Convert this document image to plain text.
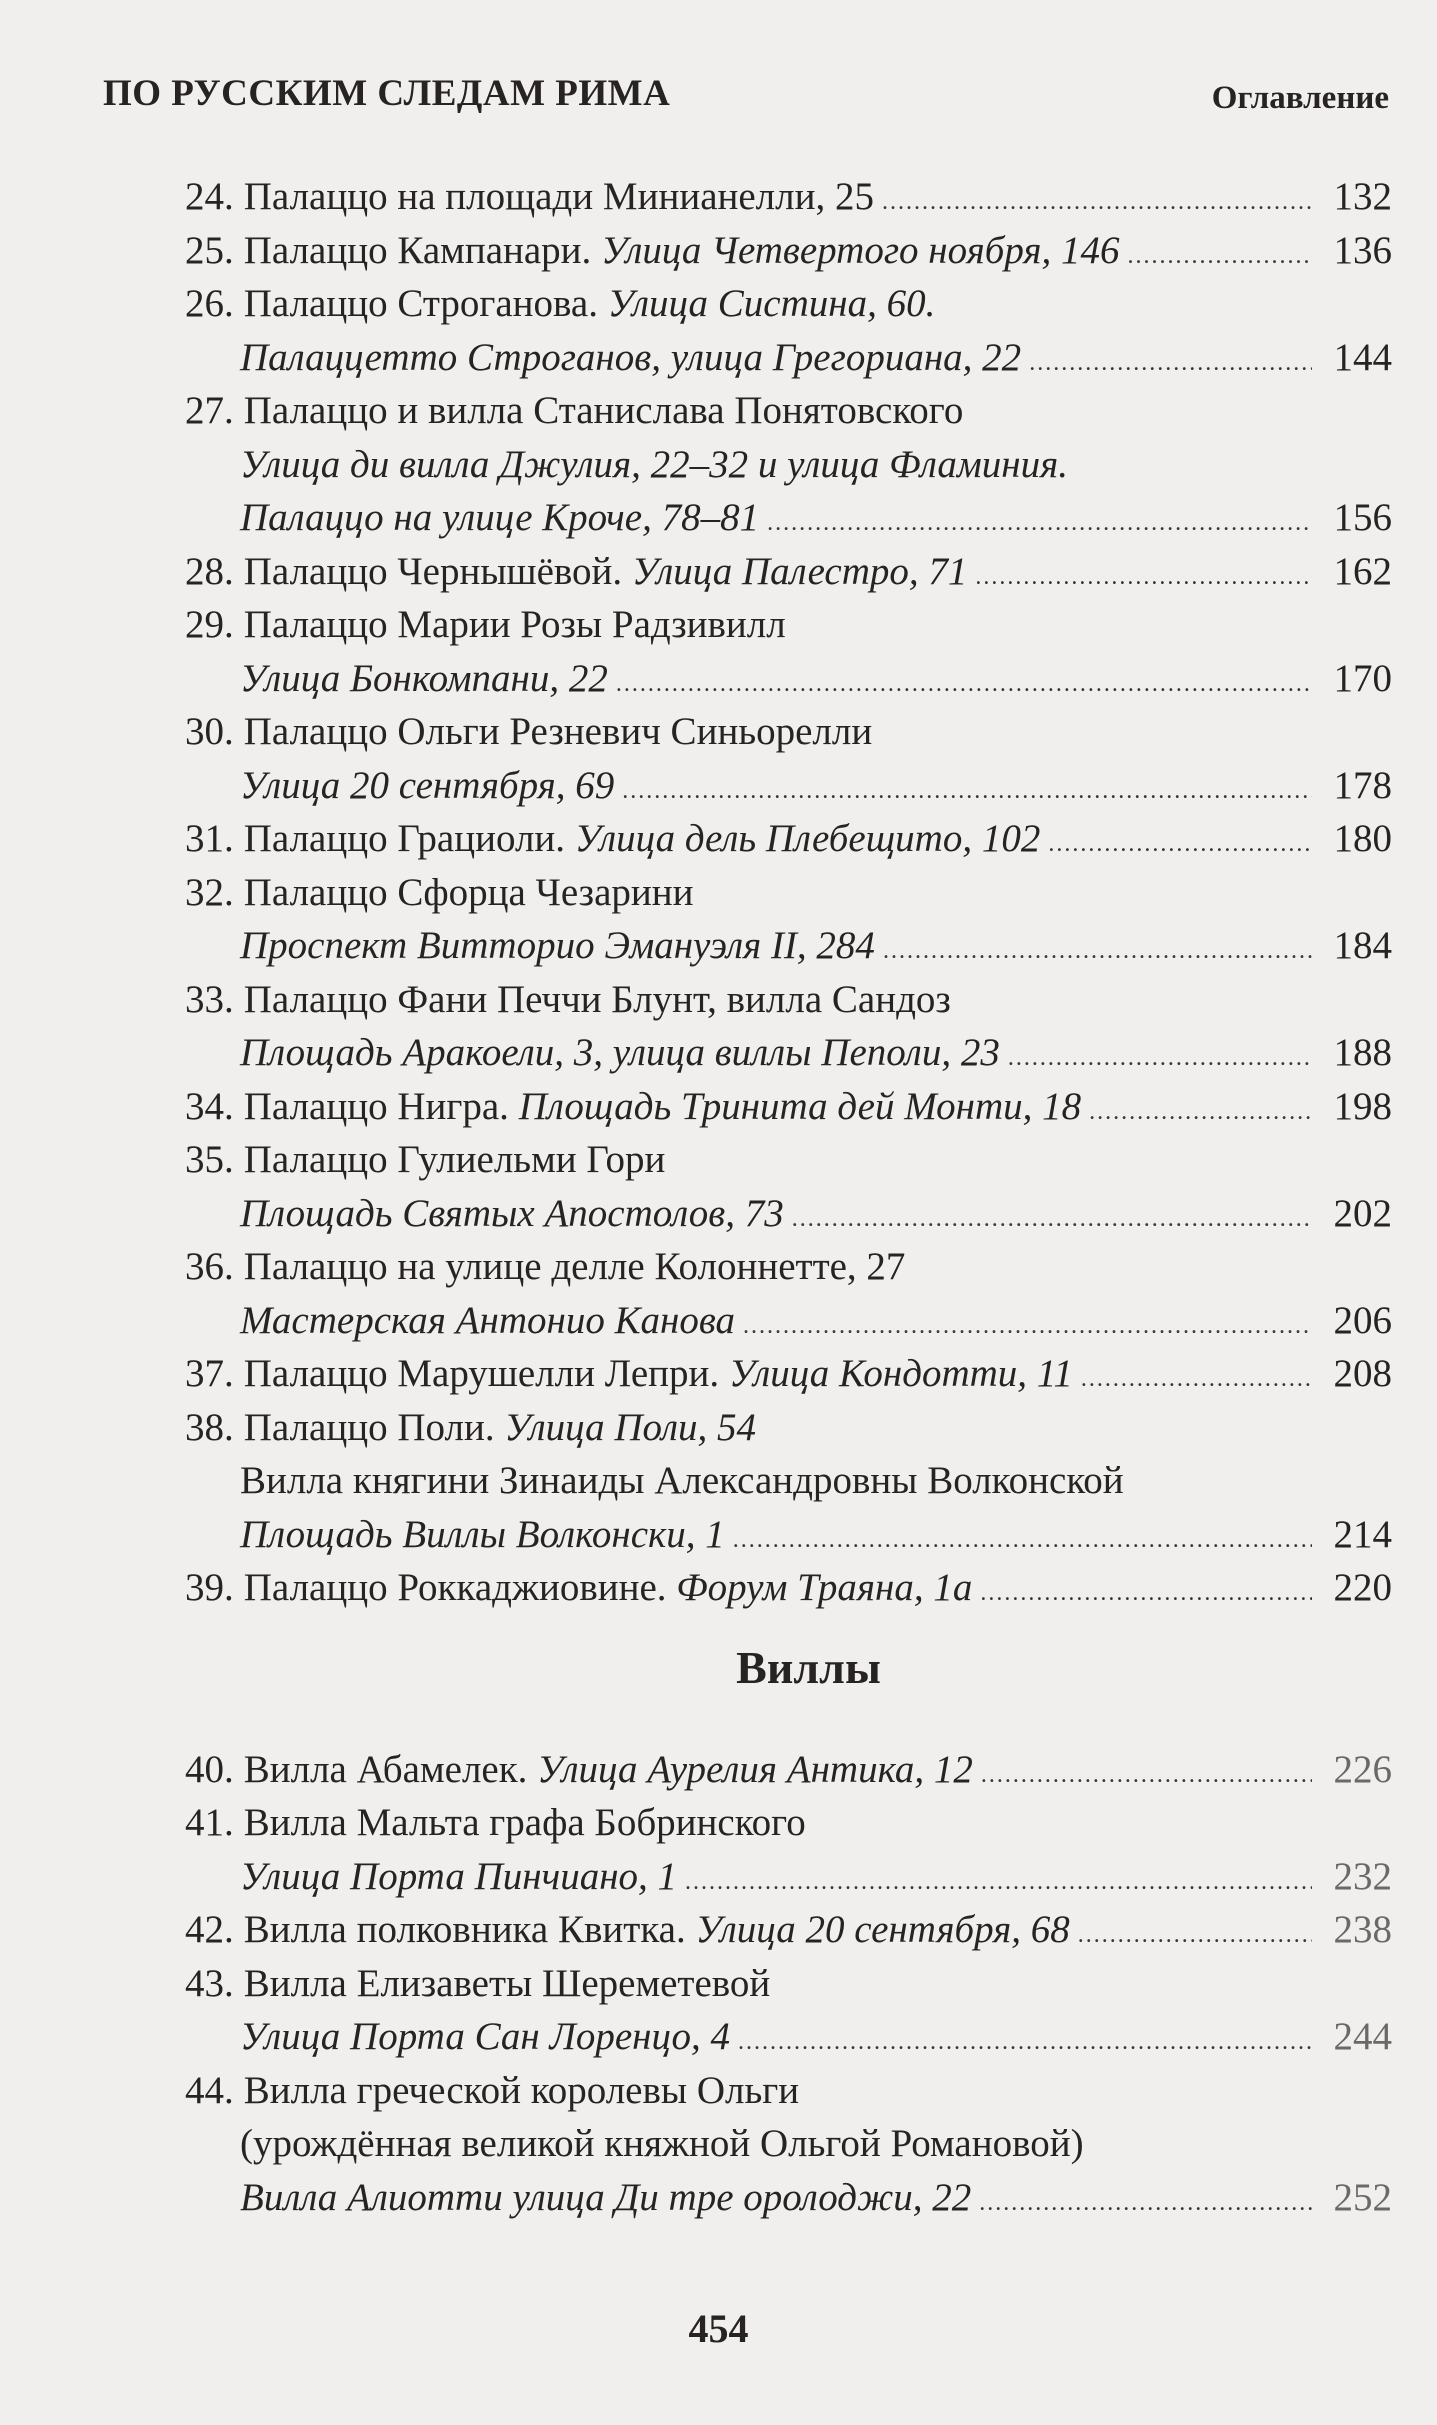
ПО РУССКИМ СЛЕДАМ РИМА	Оглавление
24. Палаццо на площади Минианелли, 25 . . .	132
25. Палаццо Кампанари.
Улица Четвертого ноября, 146 . . .	136
26. Палаццо Строганова.
Улица Систина, 60.
Палаццетто Строганов, улица Грегориана, 22 . . .	144
27. Палаццо и вилла Станислава Понятовского
Улица ди вилла Джулия, 22–32 и улица Фламиния.
Палаццо на улице Кроче, 78–81 . . .	156
28. Палаццо Чернышёвой.
Улица Палестро, 71 . . .	162
29. Палаццо Марии Розы Радзивилл
Улица Бонкомпани, 22 . . .	170
30. Палаццо Ольги Резневич Синьорелли
Улица 20 сентября, 69 . . .	178
31. Палаццо Грациоли.
Улица дель Плебещито, 102 . . .	180
32. Палаццо Сфорца Чезарини
Проспект Витторио Эмануэля II, 284 . . .	184
33. Палаццо Фани Печчи Блунт, вилла Сандоз
Площадь Аракоели, 3, улица виллы Пеполи, 23 . . .	188
34. Палаццо Нигра.
Площадь Тринита дей Монти, 18 . . .	198
35. Палаццо Гулиельми Гори
Площадь Святых Апостолов, 73 . . .	202
36. Палаццо на улице делле Колоннетте, 27
Мастерская Антонио Канова . . .	206
37. Палаццо Марушелли Лепри.
Улица Кондотти, 11 . . .	208
38. Палаццо Поли.
Улица Поли, 54
Вилла княгини Зинаиды Александровны Волконской
Площадь Виллы Волконски, 1 . . .	214
39. Палаццо Роккаджиовине.
Форум Траяна, 1а . . .	220
Виллы
40. Вилла Абамелек.
Улица Аурелия Антика, 12 . . .	226
41. Вилла Мальта графа Бобринского
Улица Порта Пинчиано, 1 . . .	232
42. Вилла полковника Квитка.
Улица 20 сентября, 68 . . .	238
43. Вилла Елизаветы Шереметевой
Улица Порта Сан Лоренцо, 4 . . .	244
44. Вилла греческой королевы Ольги
(урождённая великой княжной Ольгой Романовой)
Вилла Алиотти улица Ди тре оролоджи, 22 . . .	252
454
